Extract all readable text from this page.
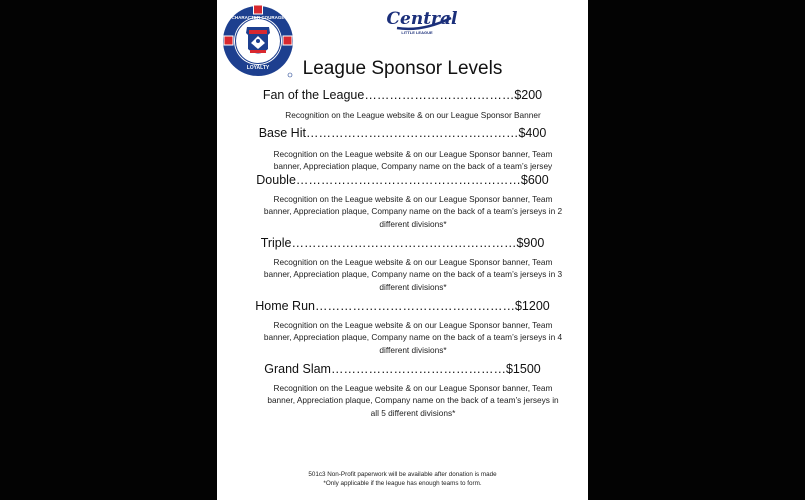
CHARACTER COURAGE
LOYALTY
Central
LITTLE LEAGUE
League Sponsor Levels
Fan of the League………………………………$200
Recognition on the League website & on our League Sponsor Banner
Base Hit……………………………………………$400
Recognition on the League website & on our League Sponsor banner, Team banner, Appreciation plaque, Company name on the back of a team’s jersey
Double………………………………………………$600
Recognition on the League website & on our League Sponsor banner, Team banner, Appreciation plaque, Company name on the back of a team’s jerseys in 2 different divisions*
Triple………………………………………………$900
Recognition on the League website & on our League Sponsor banner, Team banner, Appreciation plaque, Company name on the back of a team’s jerseys in 3 different divisions*
Home Run…………………………………………$1200
Recognition on the League website & on our League Sponsor banner, Team banner, Appreciation plaque, Company name on the back of a team’s jerseys in 4 different divisions*
Grand Slam……………………………………$1500
Recognition on the League website & on our League Sponsor banner, Team banner, Appreciation plaque, Company name on the back of a team’s jerseys in all 5 different divisions*
501c3 Non-Profit paperwork will be available after donation is made
*Only applicable if the league has enough teams to form.
